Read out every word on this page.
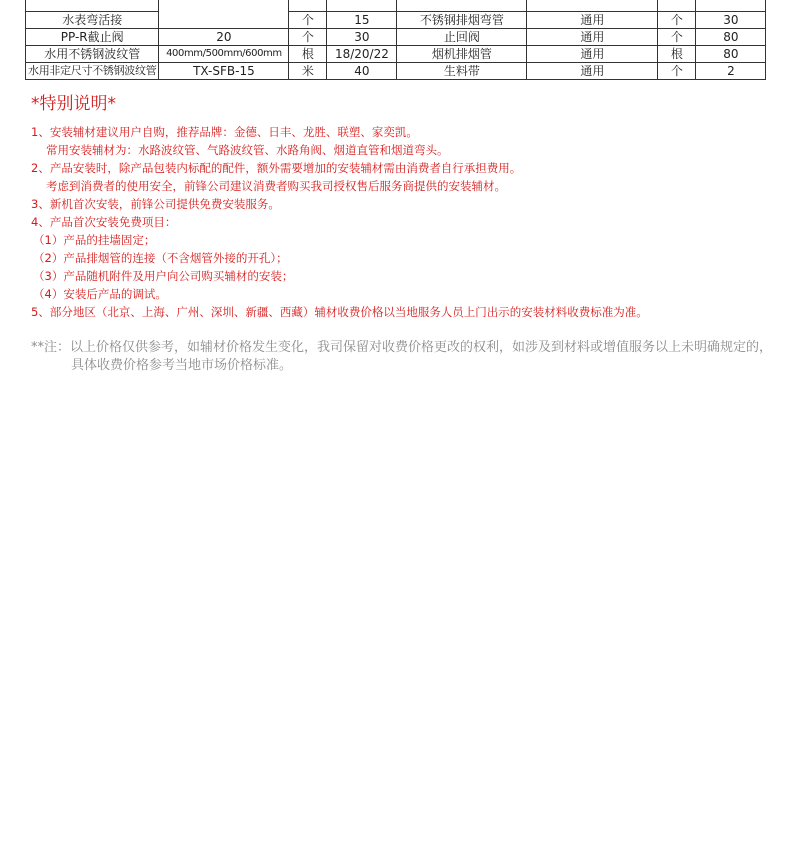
水表弯活接		个	15	不锈钢排烟弯管	通用	个	30
PP-R截止阀	20	个	30	止回阀	通用	个	80
水用不锈钢波纹管	400mm/500mm/600mm	根	18/20/22	烟机排烟管	通用	根	80
水用非定尺寸不锈钢波纹管	TX-SFB-15	米	40	生料带	通用	个	2
*特别说明*
1、安装辅材建议用户自购，推荐品牌：金德、日丰、龙胜、联塑、家奕凯。
常用安装辅材为：水路波纹管、气路波纹管、水路角阀、烟道直管和烟道弯头。
2、产品安装时，除产品包装内标配的配件，额外需要增加的安装辅材需由消费者自行承担费用。
考虑到消费者的使用安全，前锋公司建议消费者购买我司授权售后服务商提供的安装辅材。
3、新机首次安装，前锋公司提供免费安装服务。
4、产品首次安装免费项目：
（1）产品的挂墙固定；
（2）产品排烟管的连接（不含烟管外接的开孔）；
（3）产品随机附件及用户向公司购买辅材的安装；
（4）安装后产品的调试。
5、部分地区（北京、上海、广州、深圳、新疆、西藏）辅材收费价格以当地服务人员上门出示的安装材料收费标准为准。

**注：以上价格仅供参考，如辅材价格发生变化，我司保留对收费价格更改的权利，如涉及到材料或增值服务以上未明确规定的，具体收费价格参考当地市场价格标准。
